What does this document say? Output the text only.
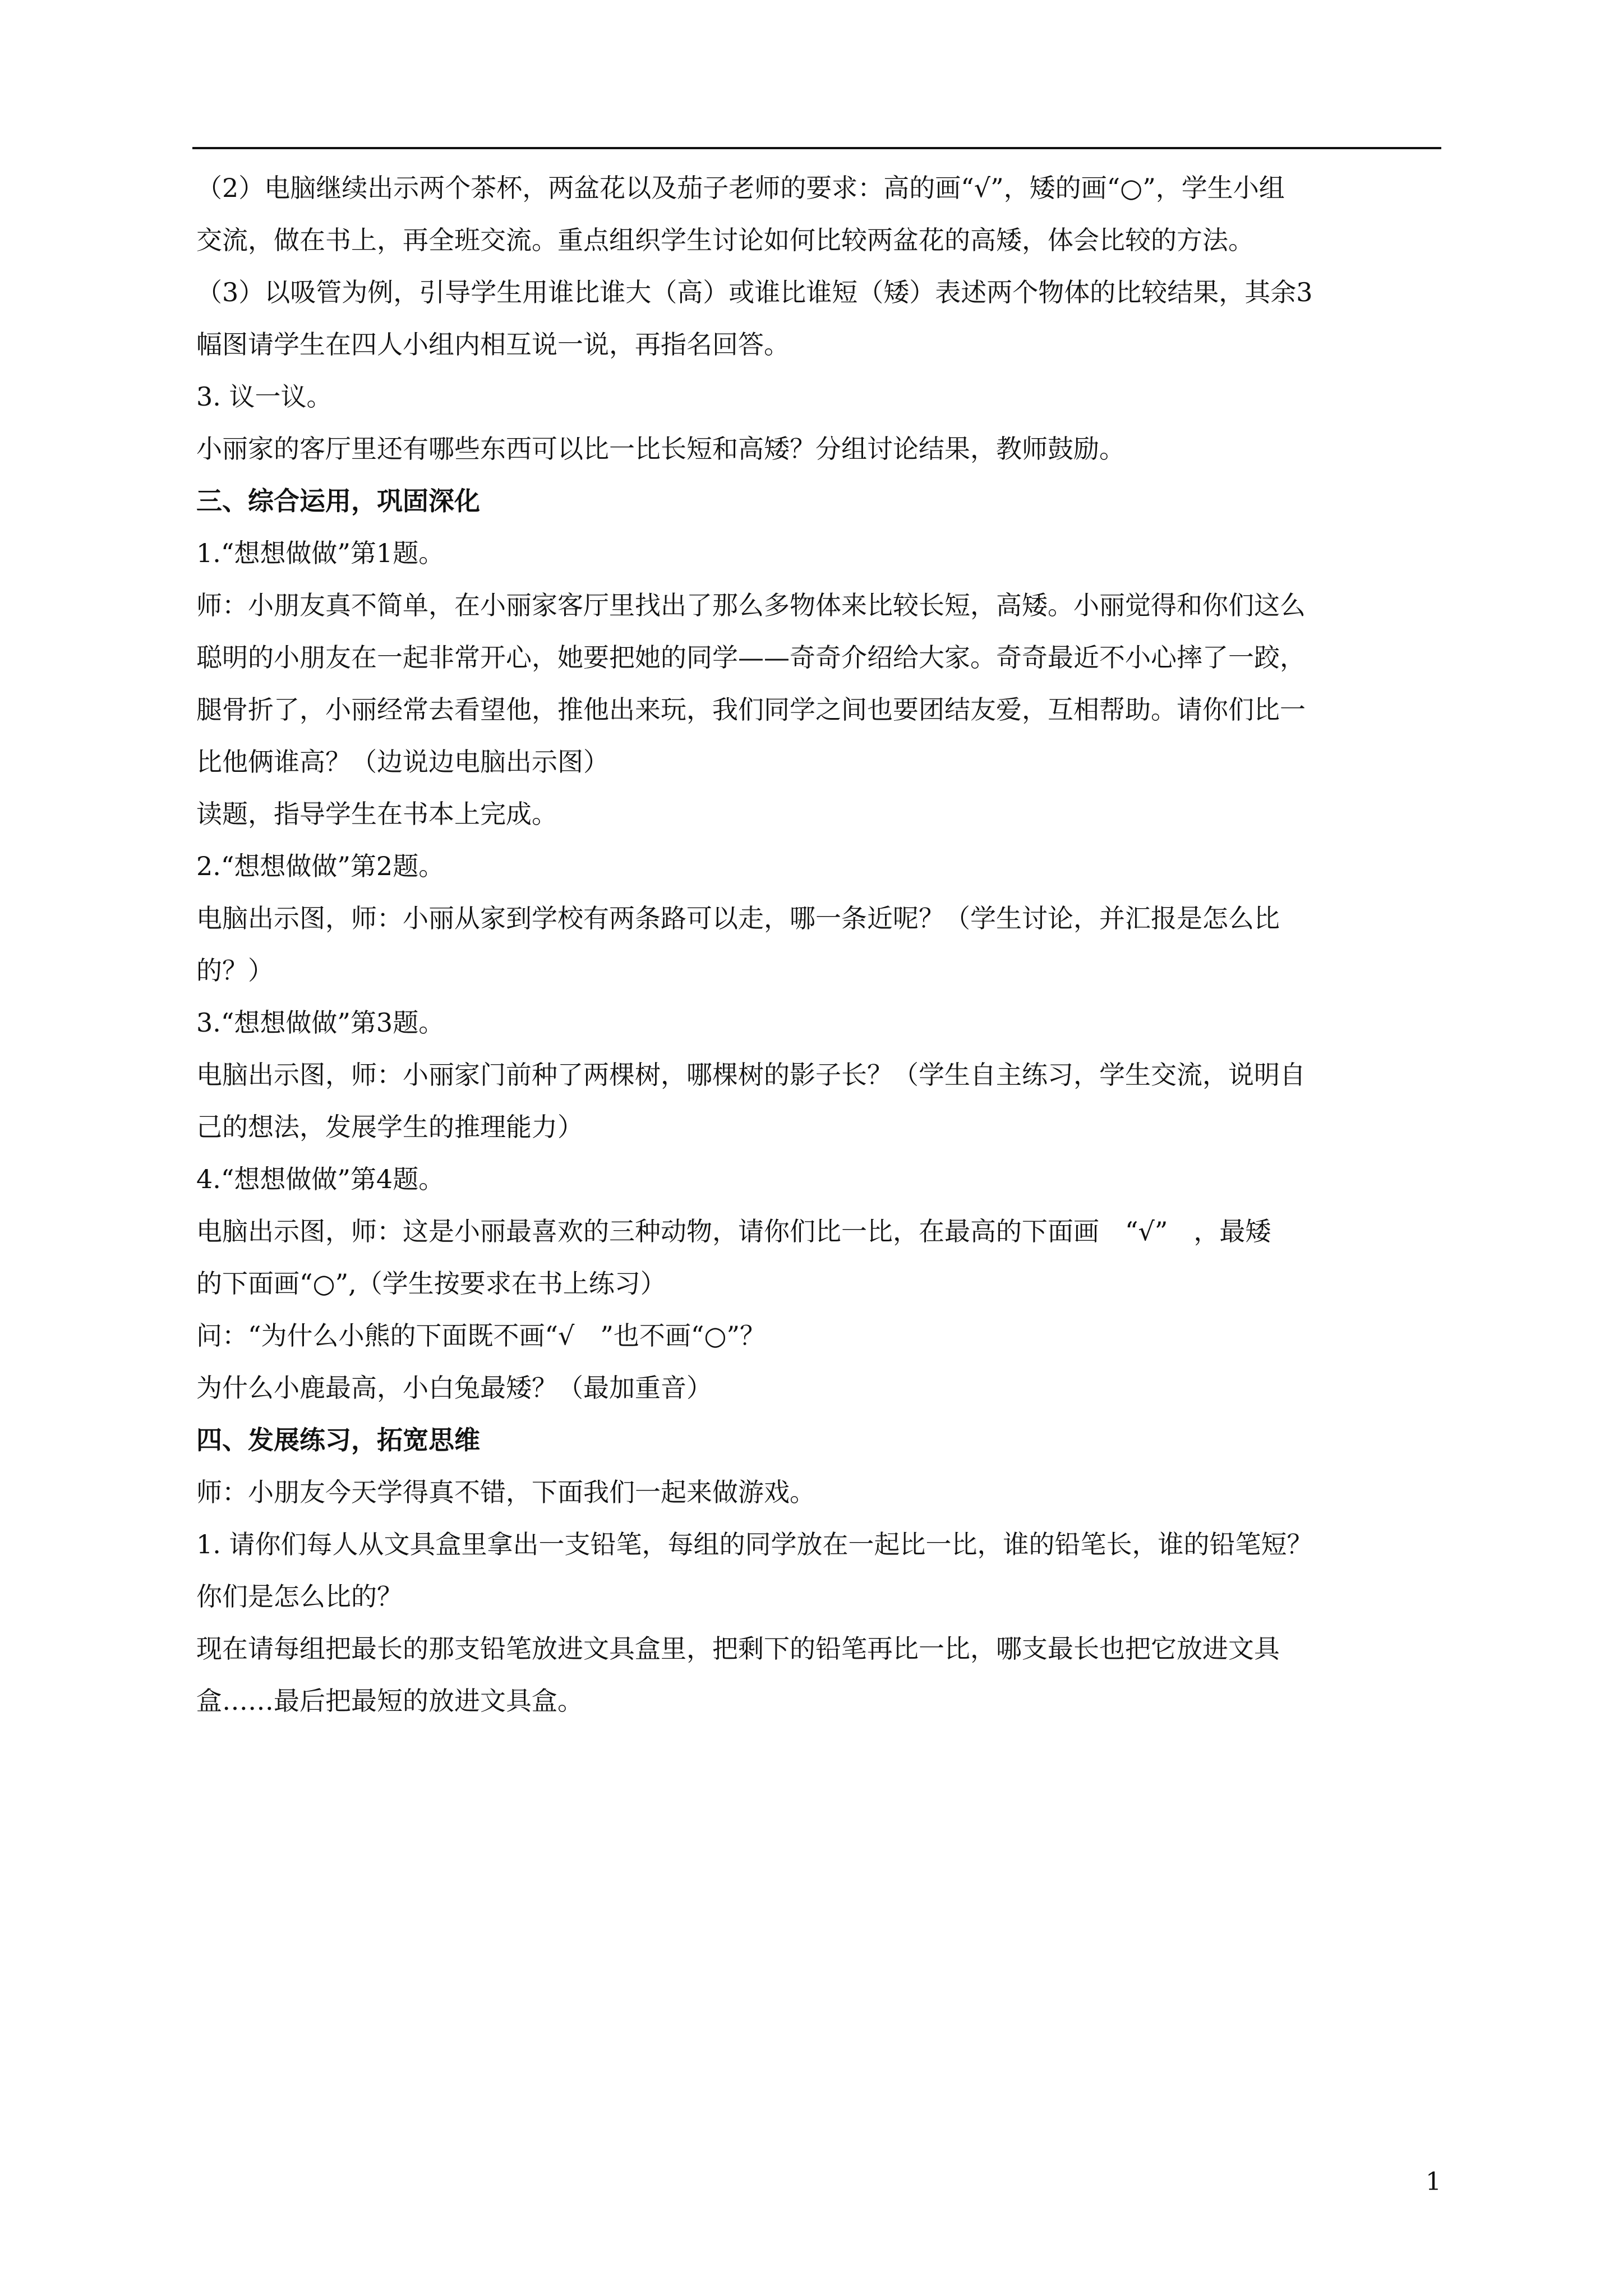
（2）电脑继续出示两个茶杯，两盆花以及茄子老师的要求：高的画“√”，矮的画“○”，学生小组
交流，做在书上，再全班交流。重点组织学生讨论如何比较两盆花的高矮，体会比较的方法。
（3）以吸管为例，引导学生用谁比谁大（高）或谁比谁短（矮）表述两个物体的比较结果，其余3
幅图请学生在四人小组内相互说一说，再指名回答。
3. 议一议。
小丽家的客厅里还有哪些东西可以比一比长短和高矮？分组讨论结果，教师鼓励。
三、综合运用，巩固深化
1.“想想做做”第1题。
师：小朋友真不简单，在小丽家客厅里找出了那么多物体来比较长短，高矮。小丽觉得和你们这么
聪明的小朋友在一起非常开心，她要把她的同学——奇奇介绍给大家。奇奇最近不小心摔了一跤，
腿骨折了，小丽经常去看望他，推他出来玩，我们同学之间也要团结友爱，互相帮助。请你们比一
比他俩谁高？（边说边电脑出示图）
读题，指导学生在书本上完成。
2.“想想做做”第2题。
电脑出示图，师：小丽从家到学校有两条路可以走，哪一条近呢？（学生讨论，并汇报是怎么比
的？）
3.“想想做做”第3题。
电脑出示图，师：小丽家门前种了两棵树，哪棵树的影子长？（学生自主练习，学生交流，说明自
己的想法，发展学生的推理能力）
4.“想想做做”第4题。
电脑出示图，师：这是小丽最喜欢的三种动物，请你们比一比，在最高的下面画　“√”　，最矮
的下面画“○”,（学生按要求在书上练习）
问：“为什么小熊的下面既不画“√　”也不画“○”？
为什么小鹿最高，小白兔最矮？（最加重音）
四、发展练习，拓宽思维
师：小朋友今天学得真不错，下面我们一起来做游戏。
1. 请你们每人从文具盒里拿出一支铅笔，每组的同学放在一起比一比，谁的铅笔长，谁的铅笔短？
你们是怎么比的？
现在请每组把最长的那支铅笔放进文具盒里，把剩下的铅笔再比一比，哪支最长也把它放进文具
盒……最后把最短的放进文具盒。
1
